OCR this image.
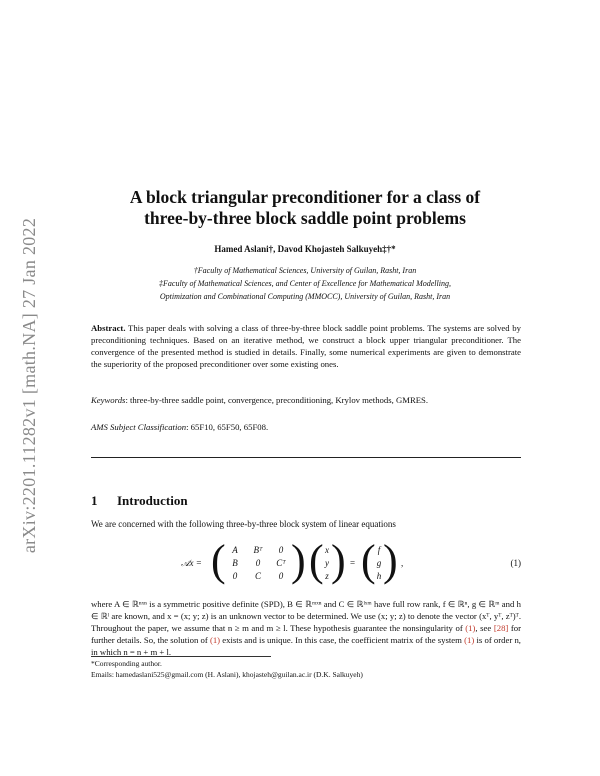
arXiv:2201.11282v1 [math.NA] 27 Jan 2022
A block triangular preconditioner for a class of
three-by-three block saddle point problems
Hamed Aslani†, Davod Khojasteh Salkuyeh‡†*
†Faculty of Mathematical Sciences, University of Guilan, Rasht, Iran
‡Faculty of Mathematical Sciences, and Center of Excellence for Mathematical Modelling,
Optimization and Combinational Computing (MMOCC), University of Guilan, Rasht, Iran

Abstract. This paper deals with solving a class of three-by-three block saddle point problems. The systems are solved by preconditioning techniques. Based on an iterative method, we construct a block upper triangular preconditioner. The convergence of the presented method is studied in details. Finally, some numerical experiments are given to demonstrate the superiority of the proposed preconditioner over some existing ones.

Keywords: three-by-three saddle point, convergence, preconditioning, Krylov methods, GMRES.
AMS Subject Classification: 65F10, 65F50, 65F08.
1 Introduction
We are concerned with the following three-by-three block system of linear equations
𝒜x = ( A	Bᵀ	0
B	0	Cᵀ
0	C	0 ) ( x
y
z ) = ( f
g
h ) ,	(1)
where A ∈ ℝⁿˣⁿ is a symmetric positive definite (SPD), B ∈ ℝᵐˣⁿ and C ∈ ℝˡˣᵐ have full row rank, f ∈ ℝⁿ, g ∈ ℝᵐ and h ∈ ℝˡ are known, and x = (x; y; z) is an unknown vector to be determined. We use (x; y; z) to denote the vector (xᵀ, yᵀ, zᵀ)ᵀ. Throughout the paper, we assume that n ≥ m and m ≥ l. These hypothesis guarantee the nonsingularity of (1), see [28] for further details. So, the solution of (1) exists and is unique. In this case, the coefficient matrix of the system (1) is of order n, in which n = n + m + l.
*Corresponding author.
Emails: hamedaslani525@gmail.com (H. Aslani), khojasteh@guilan.ac.ir (D.K. Salkuyeh)
